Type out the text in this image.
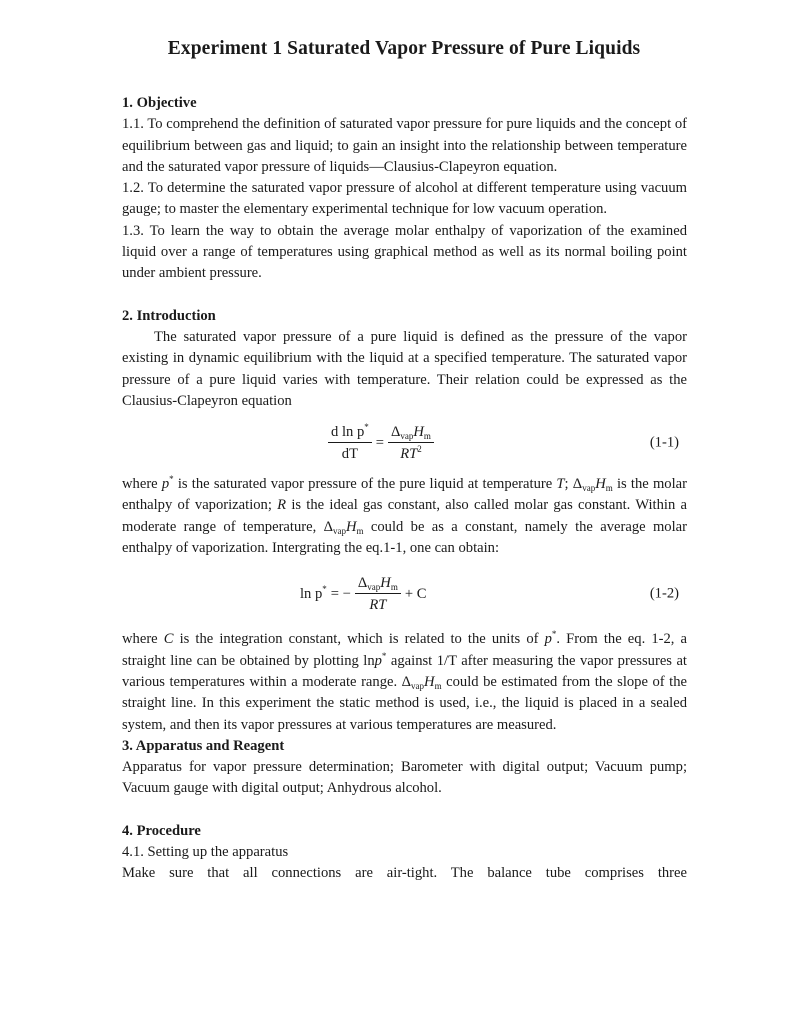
Experiment 1 Saturated Vapor Pressure of Pure Liquids
1. Objective
1.1. To comprehend the definition of saturated vapor pressure for pure liquids and the concept of equilibrium between gas and liquid; to gain an insight into the relationship between temperature and the saturated vapor pressure of liquids—Clausius-Clapeyron equation.
1.2. To determine the saturated vapor pressure of alcohol at different temperature using vacuum gauge; to master the elementary experimental technique for low vacuum operation.
1.3. To learn the way to obtain the average molar enthalpy of vaporization of the examined liquid over a range of temperatures using graphical method as well as its normal boiling point under ambient pressure.
2. Introduction
The saturated vapor pressure of a pure liquid is defined as the pressure of the vapor existing in dynamic equilibrium with the liquid at a specified temperature. The saturated vapor pressure of a pure liquid varies with temperature. Their relation could be expressed as the Clausius-Clapeyron equation
$\frac{d \ln p^*}{dT} = \frac{\Delta_{vap}H_m}{RT^2}$	(1-1)
where p* is the saturated vapor pressure of the pure liquid at temperature T; $\Delta_{vap}H_m$ is the molar enthalpy of vaporization; R is the ideal gas constant, also called molar gas constant. Within a moderate range of temperature, $\Delta_{vap}H_m$ could be as a constant, namely the average molar enthalpy of vaporization. Intergrating the eq.1-1, one can obtain:
ln p* = − $\frac{\Delta_{vap}H_m}{RT} + C$	(1-2)
where C is the integration constant, which is related to the units of p*. From the eq. 1-2, a straight line can be obtained by plotting lnp* against 1/T after measuring the vapor pressures at various temperatures within a moderate range. $\Delta_{vap}H_m$ could be estimated from the slope of the straight line. In this experiment the static method is used, i.e., the liquid is placed in a sealed system, and then its vapor pressures at various temperatures are measured.
3. Apparatus and Reagent
Apparatus for vapor pressure determination; Barometer with digital output; Vacuum pump; Vacuum gauge with digital output; Anhydrous alcohol.
4. Procedure
4.1. Setting up the apparatus
Make sure that all connections are air-tight. The balance tube comprises three
